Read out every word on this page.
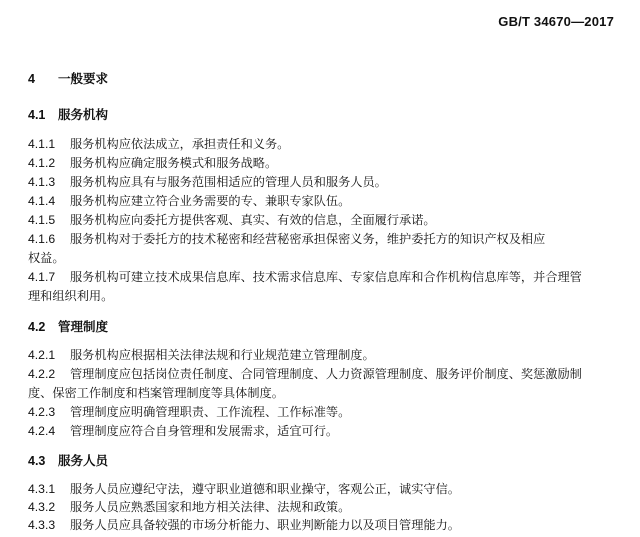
GB/T 34670—2017
4 一般要求
4.1 服务机构
4.1.1 服务机构应依法成立，承担责任和义务。
4.1.2 服务机构应确定服务模式和服务战略。
4.1.3 服务机构应具有与服务范围相适应的管理人员和服务人员。
4.1.4 服务机构应建立符合业务需要的专、兼职专家队伍。
4.1.5 服务机构应向委托方提供客观、真实、有效的信息，全面履行承诺。
4.1.6 服务机构对于委托方的技术秘密和经营秘密承担保密义务，维护委托方的知识产权及相应
权益。
4.1.7 服务机构可建立技术成果信息库、技术需求信息库、专家信息库和合作机构信息库等，并合理管
理和组织利用。
4.2 管理制度
4.2.1 服务机构应根据相关法律法规和行业规范建立管理制度。
4.2.2 管理制度应包括岗位责任制度、合同管理制度、人力资源管理制度、服务评价制度、奖惩激励制
度、保密工作制度和档案管理制度等具体制度。
4.2.3 管理制度应明确管理职责、工作流程、工作标准等。
4.2.4 管理制度应符合自身管理和发展需求，适宜可行。
4.3 服务人员
4.3.1 服务人员应遵纪守法，遵守职业道德和职业操守，客观公正，诚实守信。
4.3.2 服务人员应熟悉国家和地方相关法律、法规和政策。
4.3.3 服务人员应具备较强的市场分析能力、职业判断能力以及项目管理能力。
